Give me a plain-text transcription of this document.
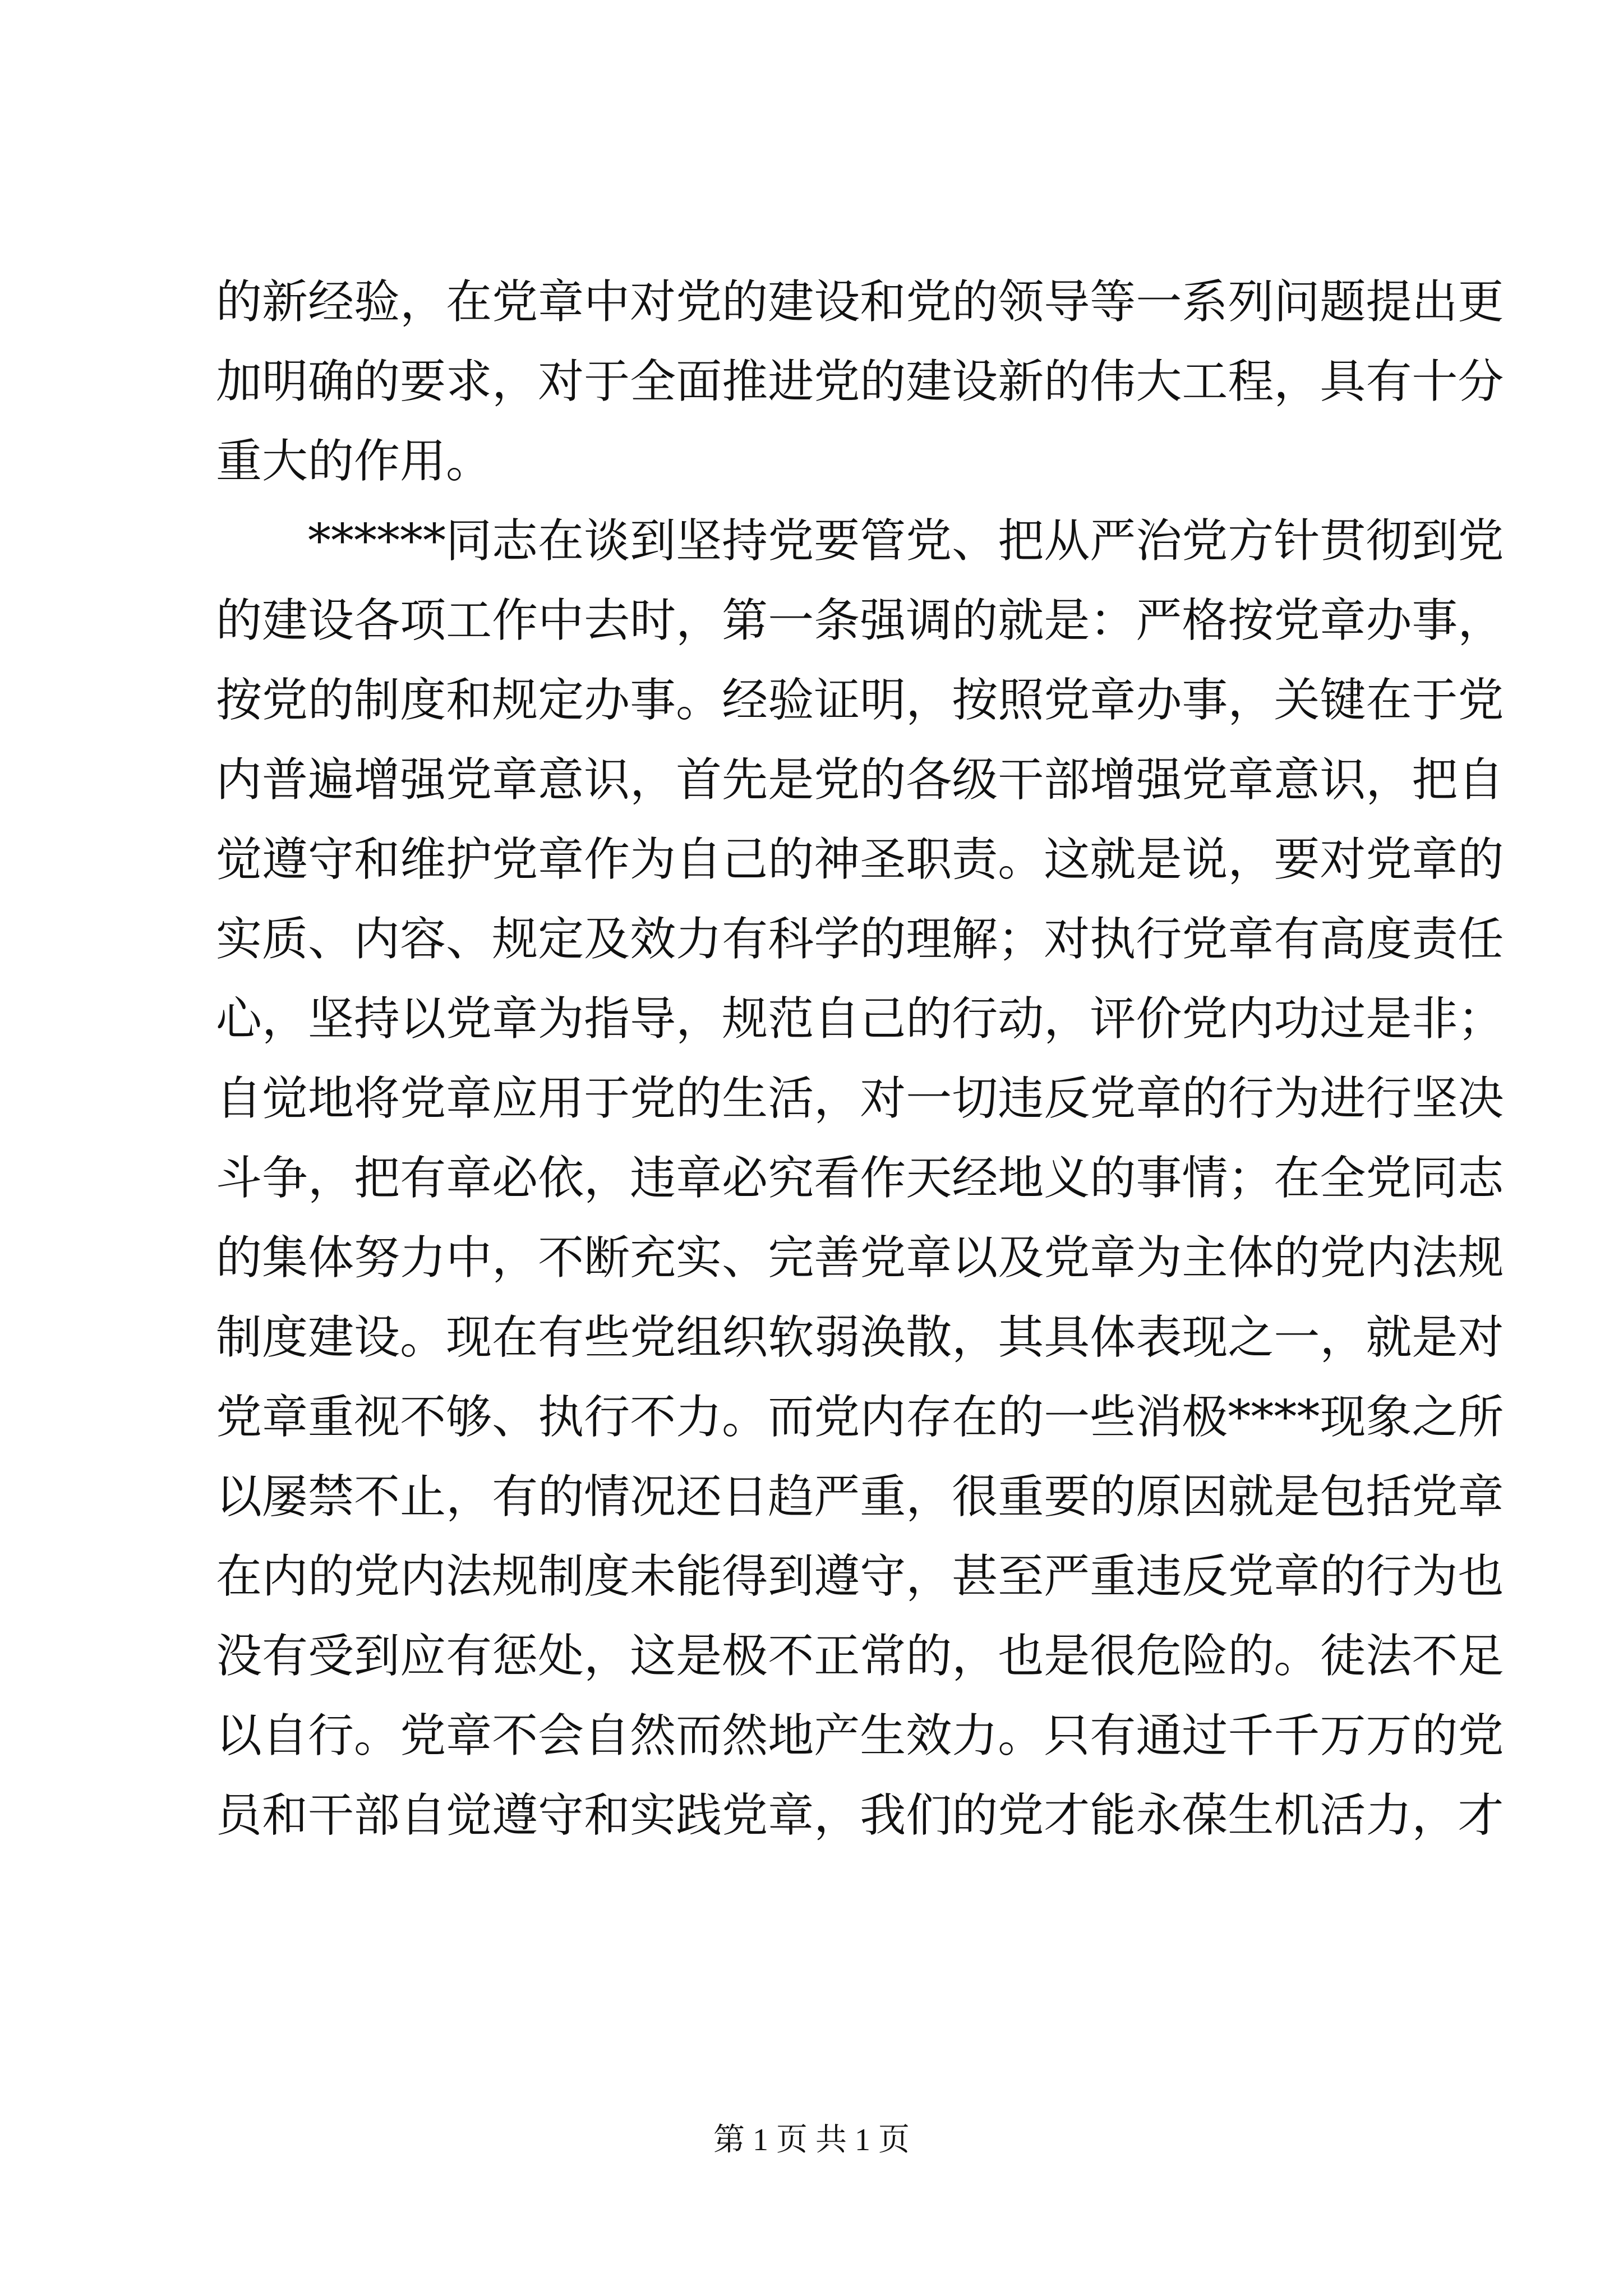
的 新 经 验 ， 在 党 章 中 对 党 的 建 设 和 党 的 领 导 等 一 系 列 问 题 提 出 更
加 明 确 的 要 求 ， 对 于 全 面 推 进 党 的 建 设 新 的 伟 大 工 程 ， 具 有 十 分
重大的作用。
* * * * * * 同 志 在 谈 到 坚 持 党 要 管 党 、 把 从 严 治 党 方 针 贯 彻 到 党
的 建 设 各 项 工 作 中 去 时 ， 第 一 条 强 调 的 就 是 ： 严 格 按 党 章 办 事 ，
按 党 的 制 度 和 规 定 办 事 。 经 验 证 明 ， 按 照 党 章 办 事 ， 关 键 在 于 党
内 普 遍 增 强 党 章 意 识 ， 首 先 是 党 的 各 级 干 部 增 强 党 章 意 识 ， 把 自
觉 遵 守 和 维 护 党 章 作 为 自 己 的 神 圣 职 责 。 这 就 是 说 ， 要 对 党 章 的
实 质 、 内 容 、 规 定 及 效 力 有 科 学 的 理 解 ； 对 执 行 党 章 有 高 度 责 任
心 ， 坚 持 以 党 章 为 指 导 ， 规 范 自 己 的 行 动 ， 评 价 党 内 功 过 是 非 ；
自 觉 地 将 党 章 应 用 于 党 的 生 活 ， 对 一 切 违 反 党 章 的 行 为 进 行 坚 决
斗 争 ， 把 有 章 必 依 ， 违 章 必 究 看 作 天 经 地 义 的 事 情 ； 在 全 党 同 志
的 集 体 努 力 中 ， 不 断 充 实 、 完 善 党 章 以 及 党 章 为 主 体 的 党 内 法 规
制 度 建 设 。 现 在 有 些 党 组 织 软 弱 涣 散 ， 其 具 体 表 现 之 一 ， 就 是 对
党 章 重 视 不 够 、 执 行 不 力 。 而 党 内 存 在 的 一 些 消 极 * * * * 现 象 之 所
以 屡 禁 不 止 ， 有 的 情 况 还 日 趋 严 重 ， 很 重 要 的 原 因 就 是 包 括 党 章
在 内 的 党 内 法 规 制 度 未 能 得 到 遵 守 ， 甚 至 严 重 违 反 党 章 的 行 为 也
没 有 受 到 应 有 惩 处 ， 这 是 极 不 正 常 的 ， 也 是 很 危 险 的 。 徒 法 不 足
以 自 行 。 党 章 不 会 自 然 而 然 地 产 生 效 力 。 只 有 通 过 千 千 万 万 的 党
员 和 干 部 自 觉 遵 守 和 实 践 党 章 ， 我 们 的 党 才 能 永 葆 生 机 活 力 ， 才
第 1 页 共 1 页
